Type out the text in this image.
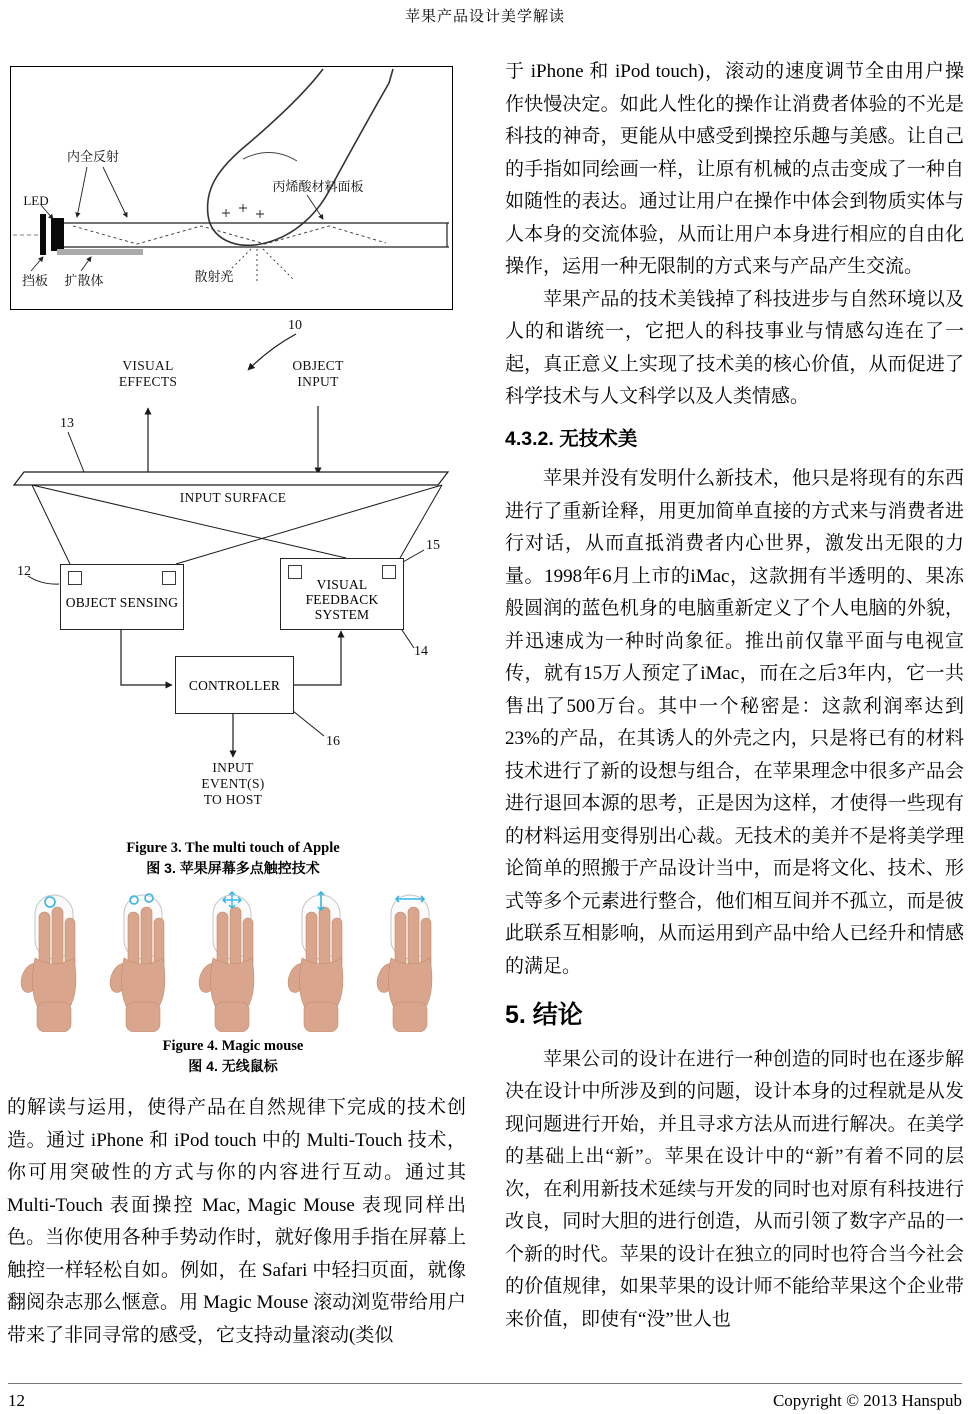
苹果产品设计美学解读
内全反射
丙烯酸材料面板
LED
挡板	扩散体	散射光
10
VISUAL EFFECTS
OBJECT INPUT
13
INPUT SURFACE
12
OBJECT SENSING
15
VISUAL FEEDBACK SYSTEM
14
CONTROLLER
16
INPUT EVENT(S) TO HOST
Figure 3. The multi touch of Apple
图 3. 苹果屏幕多点触控技术
Figure 4. Magic mouse
图 4. 无线鼠标
的解读与运用，使得产品在自然规律下完成的技术创造。通过 iPhone 和 iPod touch 中的 Multi-Touch 技术，你可用突破性的方式与你的内容进行互动。通过其 Multi-Touch 表面操控 Mac, Magic Mouse 表现同样出色。当你使用各种手势动作时，就好像用手指在屏幕上触控一样轻松自如。例如，在 Safari 中轻扫页面，就像翻阅杂志那么惬意。用 Magic Mouse 滚动浏览带给用户带来了非同寻常的感受，它支持动量滚动(类似

于 iPhone 和 iPod touch)，滚动的速度调节全由用户操作快慢决定。如此人性化的操作让消费者体验的不光是科技的神奇，更能从中感受到操控乐趣与美感。让自己的手指如同绘画一样，让原有机械的点击变成了一种自如随性的表达。通过让用户在操作中体会到物质实体与人本身的交流体验，从而让用户本身进行相应的自由化操作，运用一种无限制的方式来与产品产生交流。

苹果产品的技术美钱掉了科技进步与自然环境以及人的和谐统一，它把人的科技事业与情感勾连在了一起，真正意义上实现了技术美的核心价值，从而促进了科学技术与人文科学以及人类情感。

4.3.2. 无技术美

苹果并没有发明什么新技术，他只是将现有的东西进行了重新诠释，用更加简单直接的方式来与消费者进行对话，从而直抵消费者内心世界，激发出无限的力量。1998年6月上市的iMac，这款拥有半透明的、果冻般圆润的蓝色机身的电脑重新定义了个人电脑的外貌，并迅速成为一种时尚象征。推出前仅靠平面与电视宣传，就有15万人预定了iMac，而在之后3年内，它一共售出了500万台。其中一个秘密是：这款利润率达到23%的产品，在其诱人的外壳之内，只是将已有的材料技术进行了新的设想与组合，在苹果理念中很多产品会进行退回本源的思考，正是因为这样，才使得一些现有的材料运用变得别出心裁。无技术的美并不是将美学理论简单的照搬于产品设计当中，而是将文化、技术、形式等多个元素进行整合，他们相互间并不孤立，而是彼此联系互相影响，从而运用到产品中给人已经升和情感的满足。

5. 结论

苹果公司的设计在进行一种创造的同时也在逐步解决在设计中所涉及到的问题，设计本身的过程就是从发现问题进行开始，并且寻求方法从而进行解决。在美学的基础上出“新”。苹果在设计中的“新”有着不同的层次，在利用新技术延续与开发的同时也对原有科技进行改良，同时大胆的进行创造，从而引领了数字产品的一个新的时代。苹果的设计在独立的同时也符合当今社会的价值规律，如果苹果的设计师不能给苹果这个企业带来价值，即使有“没”世人也

12	Copyright © 2013 Hanspub
